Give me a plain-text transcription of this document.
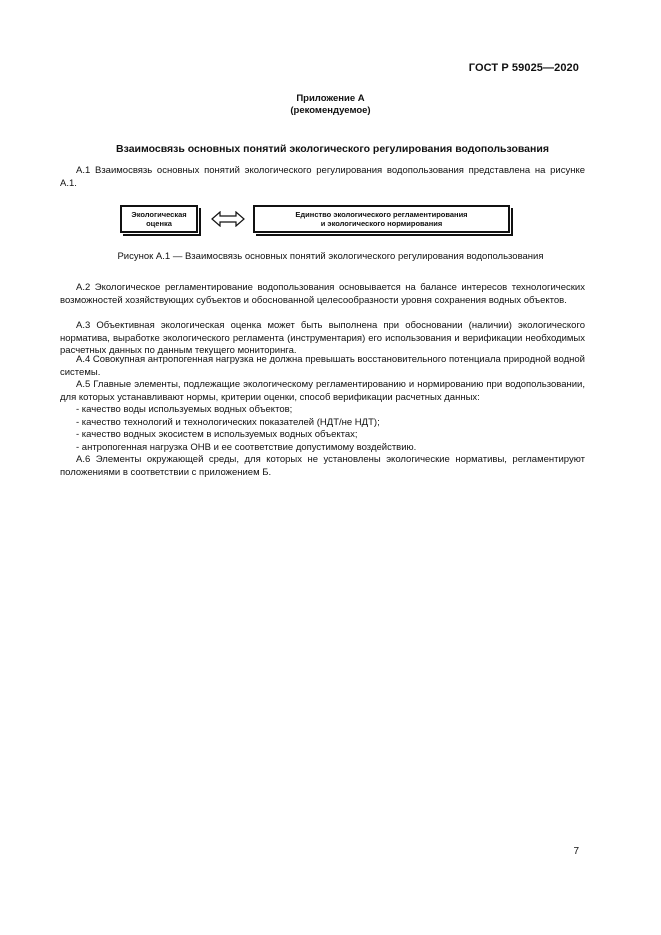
ГОСТ Р 59025—2020
Приложение А
(рекомендуемое)
Взаимосвязь основных понятий экологического регулирования водопользования
А.1 Взаимосвязь основных понятий экологического регулирования водопользования представлена на рисунке А.1.
Экологическая
оценка
Единство экологического регламентирования
и экологического нормирования
Рисунок А.1 — Взаимосвязь основных понятий экологического регулирования водопользования
А.2 Экологическое регламентирование водопользования основывается на балансе интересов технологических возможностей хозяйствующих субъектов и обоснованной целесообразности уровня сохранения водных объектов.
А.3 Объективная экологическая оценка может быть выполнена при обосновании (наличии) экологического норматива, выработке экологического регламента (инструментария) его использования и верификации необходимых расчетных данных по данным текущего мониторинга.
А.4 Совокупная антропогенная нагрузка не должна превышать восстановительного потенциала природной водной системы.
А.5 Главные элементы, подлежащие экологическому регламентированию и нормированию при водопользовании, для которых устанавливают нормы, критерии оценки, способ верификации расчетных данных:
- качество воды используемых водных объектов;
- качество технологий и технологических показателей (НДТ/не НДТ);
- качество водных экосистем в используемых водных объектах;
- антропогенная нагрузка ОНВ и ее соответствие допустимому воздействию.
А.6 Элементы окружающей среды, для которых не установлены экологические нормативы, регламентируют положениями в соответствии с приложением Б.
7
